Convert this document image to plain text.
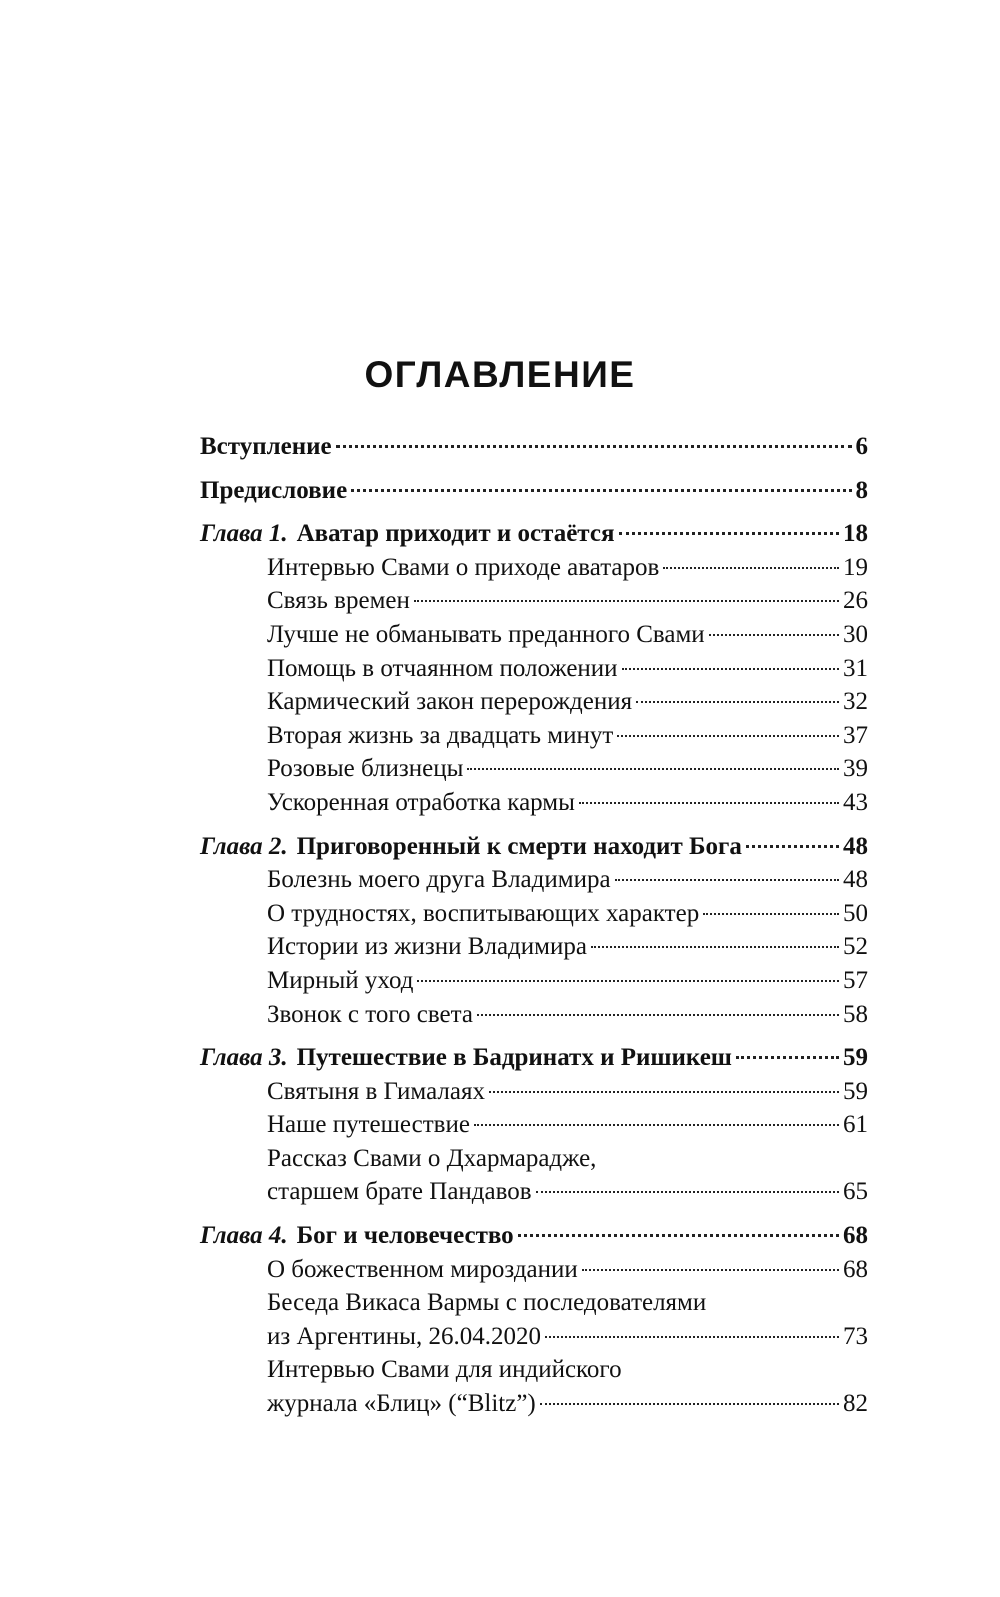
ОГЛАВЛЕНИЕ
Вступление	6
Предисловие	8
Глава 1. Аватар приходит и остаётся	18
Интервью Свами о приходе аватаров	19
Связь времен	26
Лучше не обманывать преданного Свами	30
Помощь в отчаянном положении	31
Кармический закон перерождения	32
Вторая жизнь за двадцать минут	37
Розовые близнецы	39
Ускоренная отработка кармы	43
Глава 2. Приговоренный к смерти находит Бога	48
Болезнь моего друга Владимира	48
О трудностях, воспитывающих характер	50
Истории из жизни Владимира	52
Мирный уход	57
Звонок с того света	58
Глава 3. Путешествие в Бадринатх и Ришикеш	59
Святыня в Гималаях	59
Наше путешествие	61
Рассказ Свами о Дхармарадже,
старшем брате Пандавов	65
Глава 4. Бог и человечество	68
О божественном мироздании	68
Беседа Викаса Вармы с последователями
из Аргентины, 26.04.2020	73
Интервью Свами для индийского
журнала «Блиц» (“Blitz”)	82
